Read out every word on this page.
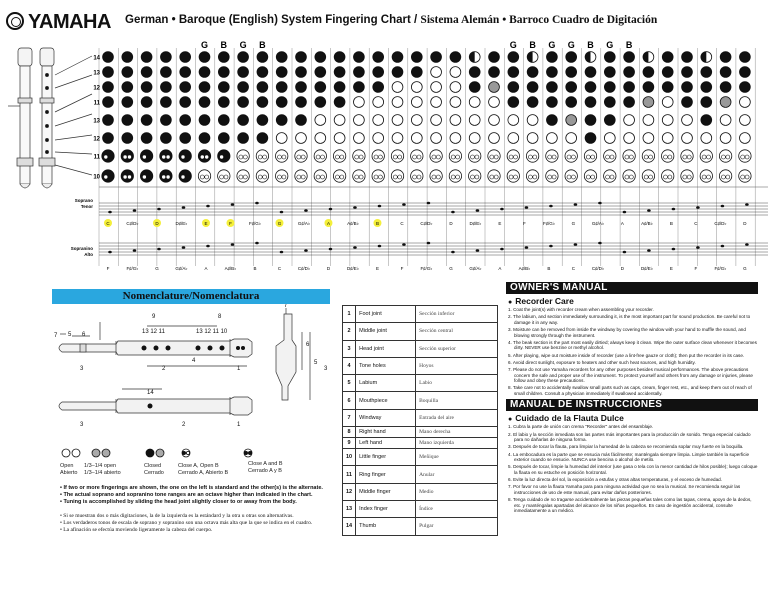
YAMAHA German • Baroque (English) System Fingering Chart / Sistema Alemán • Barroco Cuadro de Digitación
14
13
12
11
13
12
11
10
G B G B	G B G G B G B
Soprano
Tenor
Sopranino
Alto
C	C♯/D♭	D	D♯/E♭	E	F	F♯/G♭	G	G♯/A♭	A	A♯/B♭	B	C	C♯/D♭	D	D♯/E♭	E	F	F♯/G♭	G	G♯/A♭	A	A♯/B♭	B	C	C♯/D♭	D
F	F♯/G♭	G	G♯/A♭	A	A♯/B♭	B	C	C♯/D♭	D	D♯/E♭	E	F	F♯/G♭	G	G♯/A♭	A	A♯/B♭	B	C	C♯/D♭	D	D♯/E♭	E	F	F♯/G♭	G
Nomenclature/Nomenclatura
9	8
13 12 11	13 12 11 10
7	6
5
4
3	2	1
14
3	2	1
7
6
5
3
Open
Abierto
1/3–1/4 open
1/3–1/4 abierto
Closed
Cerrado
Close A, Open B
Cerrado A, Abierto B
Close A and B
Cerrado A y B
• If two or more fingerings are shown, the one on the left is standard and the other(s) is the alternate.
• The actual soprano and sopranino tone ranges are an octave higher than indicated in the chart.
• Tuning is accomplished by sliding the head joint slightly closer to or away from the body.
• Si se muestran dos o más digitaciones, la de la izquierda es la estándard y la otra u otras son alternativas.
• Los verdaderos tonos de escala de soprano y sopranino son una octava más alta que la que se indica en el cuadro.
• La afinación se efectúa moviendo ligeramente la cabeza del cuerpo.
1	Foot joint	Sección inferior
2	Middle joint	Sección central
3	Head joint	Sección superior
4	Tone holes	Hoyos
5	Labium	Labio
6	Mouthpiece	Boquilla
7	Windway	Entrada del aire
8	Right hand	Mano derecha
9	Left hand	Mano izquierda
10	Little finger	Meñique
11	Ring finger	Anular
12	Middle finger	Medio
13	Index finger	Índice
14	Thumb	Pulgar
OWNER'S MANUAL
● Recorder Care
1. Coat the joint(s) with recorder cream when assembling your recorder.
2. The labium, and section immediately surrounding it, is the most important part for sound production. Be careful not to damage it in any way.
3. Moisture can be removed from inside the windway by covering the window with your hand to muffle the sound, and blowing strongly through the instrument.
4. The beak section is the part most easily dirtied; always keep it clean. Wipe the outer surface clean whenever it becomes dirty. NEVER use benzine or methyl alcohol.
5. After playing, wipe out moisture inside of recorder (use a lint-free gauze or cloth); then put the recorder in its case.
6. Avoid direct sunlight, exposure to heaters and other such heat sources, and high humidity.
7. Please do not use Yamaha recorders for any other purposes besides musical performances. The above precautions concern the safe and proper use of the instrument. To protect yourself and others from any damage or injuries, please follow and obey these precautions.
8. Take care not to accidentally swallow small parts such as caps, cream, finger rest, etc., and keep them out of reach of small children. Consult a physician immediately if swallowed accidentally.
MANUAL DE INSTRUCCIONES
● Cuidado de la Flauta Dulce
1. Cubra la parte de unión con crema "Recorder" antes del ensamblaje.
2. El labio y la sección inmediata son las partes más importantes para la producción de sonido. Tenga especial cuidado para no dañarlas de ninguna forma.
3. Después de tocar la flauta, para limpiar la humedad de la cabeza se recomienda soplar muy fuerte en la boquilla.
4. La embocadura es la parte que se ensucia más fácilmente; manténgala siempre limpia. Limpie también la superficie exterior cuando se ensucie. NUNCA use bencina o alcohol de metilo.
5. Después de tocar, limpie la humedad del interior (use gasa o tela con la menor cantidad de hilos posible); luego coloque la flauta en su estuche en posición horizontal.
6. Evite la luz directa del sol, la exposición a estufas y otras altas temperaturas, y el exceso de humedad.
7. Por favor no use la flauta Yamaha para para ninguna actividad que no sea la musical. Se recomienda seguir las instrucciones de uso de este manual, para evitar daños posteriores.
8. Tenga cuidado de no tragarse accidentalmente las piezas pequeñas tales como las tapas, crema, apoyo de la dedos, etc. y manténgalas apartadas del alcance de los niños pequeños. En caso de ingestión accidental, consulte inmediatamente a un médico.
